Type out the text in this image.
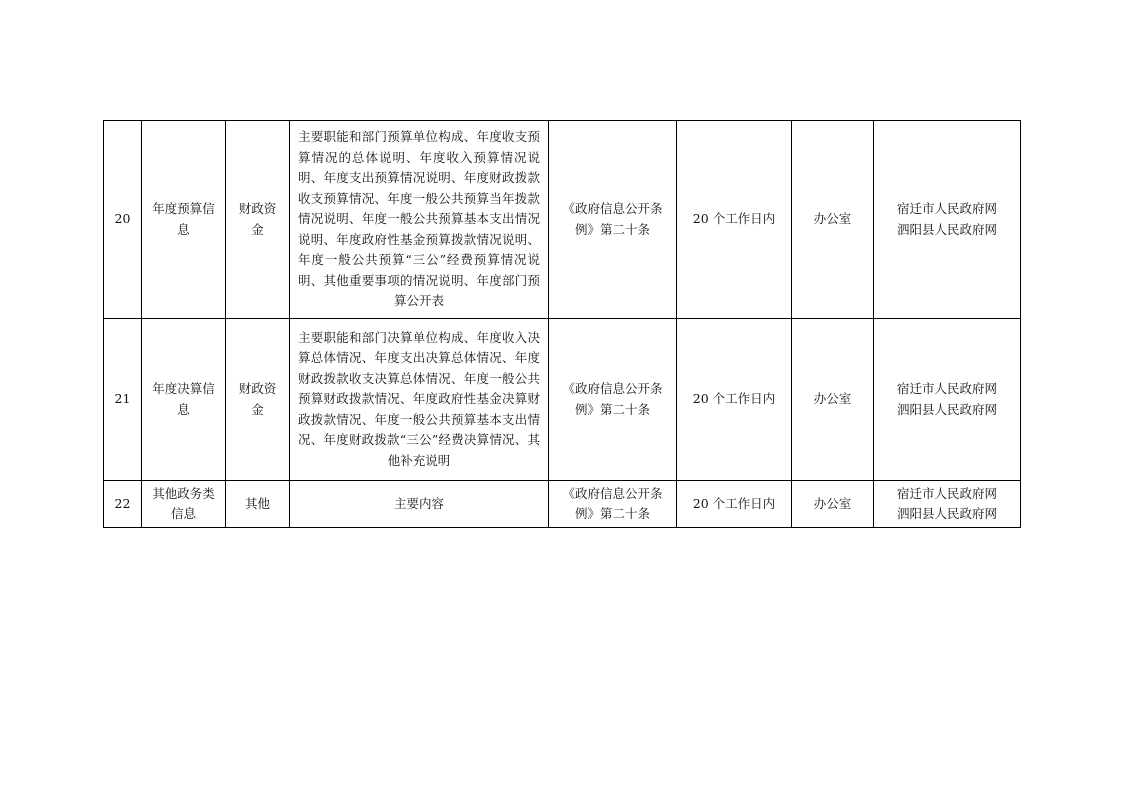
20	年度预算信
息	财政资
金	主要职能和部门预算单位构成、年度收支预算情况的总体说明、年度收入预算情况说明、年度支出预算情况说明、年度财政拨款收支预算情况、年度一般公共预算当年拨款情况说明、年度一般公共预算基本支出情况说明、年度政府性基金预算拨款情况说明、年度一般公共预算“三公”经费预算情况说明、其他重要事项的情况说明、年度部门预算公开表	《政府信息公开条
例》第二十条	20 个工作日内	办公室	宿迁市人民政府网
泗阳县人民政府网

21	年度决算信
息	财政资
金	主要职能和部门决算单位构成、年度收入决算总体情况、年度支出决算总体情况、年度财政拨款收支决算总体情况、年度一般公共预算财政拨款情况、年度政府性基金决算财政拨款情况、年度一般公共预算基本支出情况、年度财政拨款“三公”经费决算情况、其他补充说明	《政府信息公开条
例》第二十条	20 个工作日内	办公室	宿迁市人民政府网
泗阳县人民政府网

22	其他政务类
信息	其他	主要内容	《政府信息公开条
例》第二十条	20 个工作日内	办公室	宿迁市人民政府网
泗阳县人民政府网
